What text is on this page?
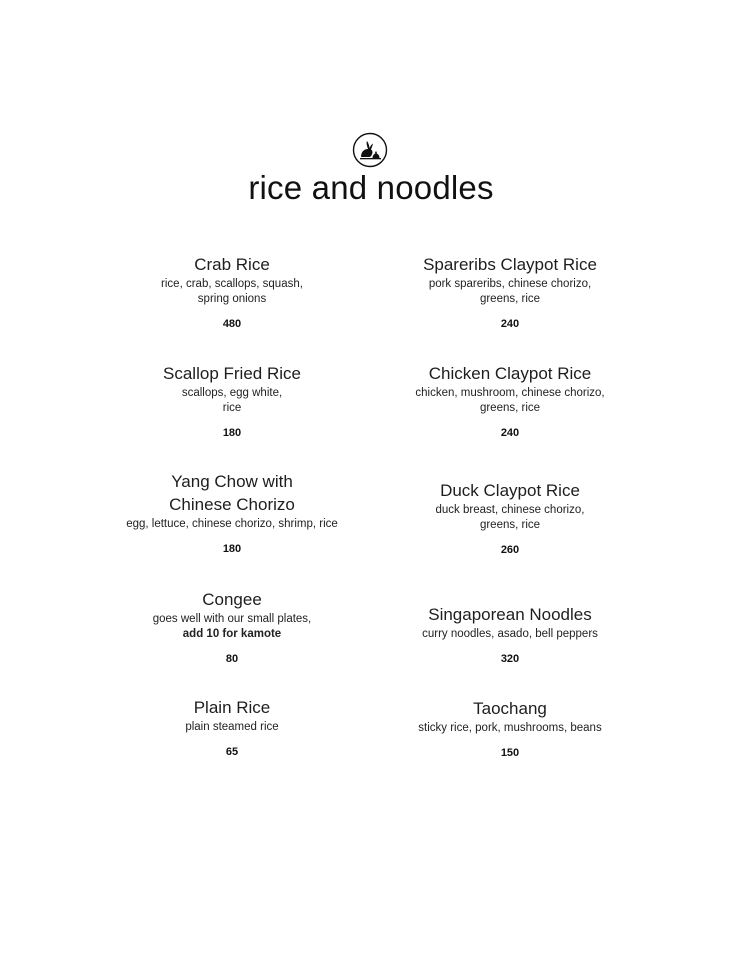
rice and noodles
Crab Rice
rice, crab, scallops, squash,
spring onions
480
Scallop Fried Rice
scallops, egg white,
rice
180
Yang Chow with
Chinese Chorizo
egg, lettuce, chinese chorizo, shrimp, rice
180
Congee
goes well with our small plates,
add 10 for kamote
80
Plain Rice
plain steamed rice
65
Spareribs Claypot Rice
pork spareribs, chinese chorizo,
greens, rice
240
Chicken Claypot Rice
chicken, mushroom, chinese chorizo,
greens, rice
240
Duck Claypot Rice
duck breast, chinese chorizo,
greens, rice
260
Singaporean Noodles
curry noodles, asado, bell peppers
320
Taochang
sticky rice, pork, mushrooms, beans
150
